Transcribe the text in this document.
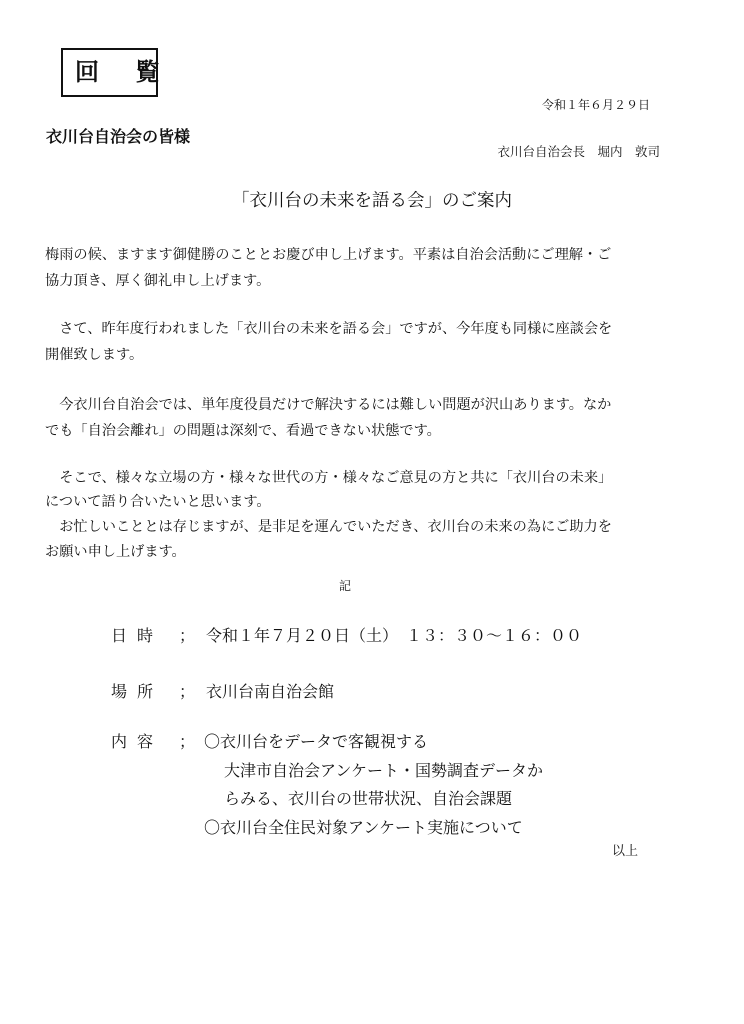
回 覧
令和１年６月２９日
衣川台自治会の皆様
衣川台自治会長　堀内　敦司
「衣川台の未来を語る会」のご案内
梅雨の候、ますます御健勝のこととお慶び申し上げます。平素は自治会活動にご理解・ご
協力頂き、厚く御礼申し上げます。
　さて、昨年度行われました「衣川台の未来を語る会」ですが、今年度も同様に座談会を
開催致します。
　今衣川台自治会では、単年度役員だけで解決するには難しい問題が沢山あります。なか
でも「自治会離れ」の問題は深刻で、看過できない状態です。
　そこで、様々な立場の方・様々な世代の方・様々なご意見の方と共に「衣川台の未来」
について語り合いたいと思います。
　お忙しいこととは存じますが、是非足を運んでいただき、衣川台の未来の為にご助力を
お願い申し上げます。
記
日時 ； 令和１年７月２０日（土）　１３：３０～１６：００
場所 ； 衣川台南自治会館
内容 ； 〇衣川台をデータで客観視する
大津市自治会アンケート・国勢調査データか
らみる、衣川台の世帯状況、自治会課題
〇衣川台全住民対象アンケート実施について
以上
